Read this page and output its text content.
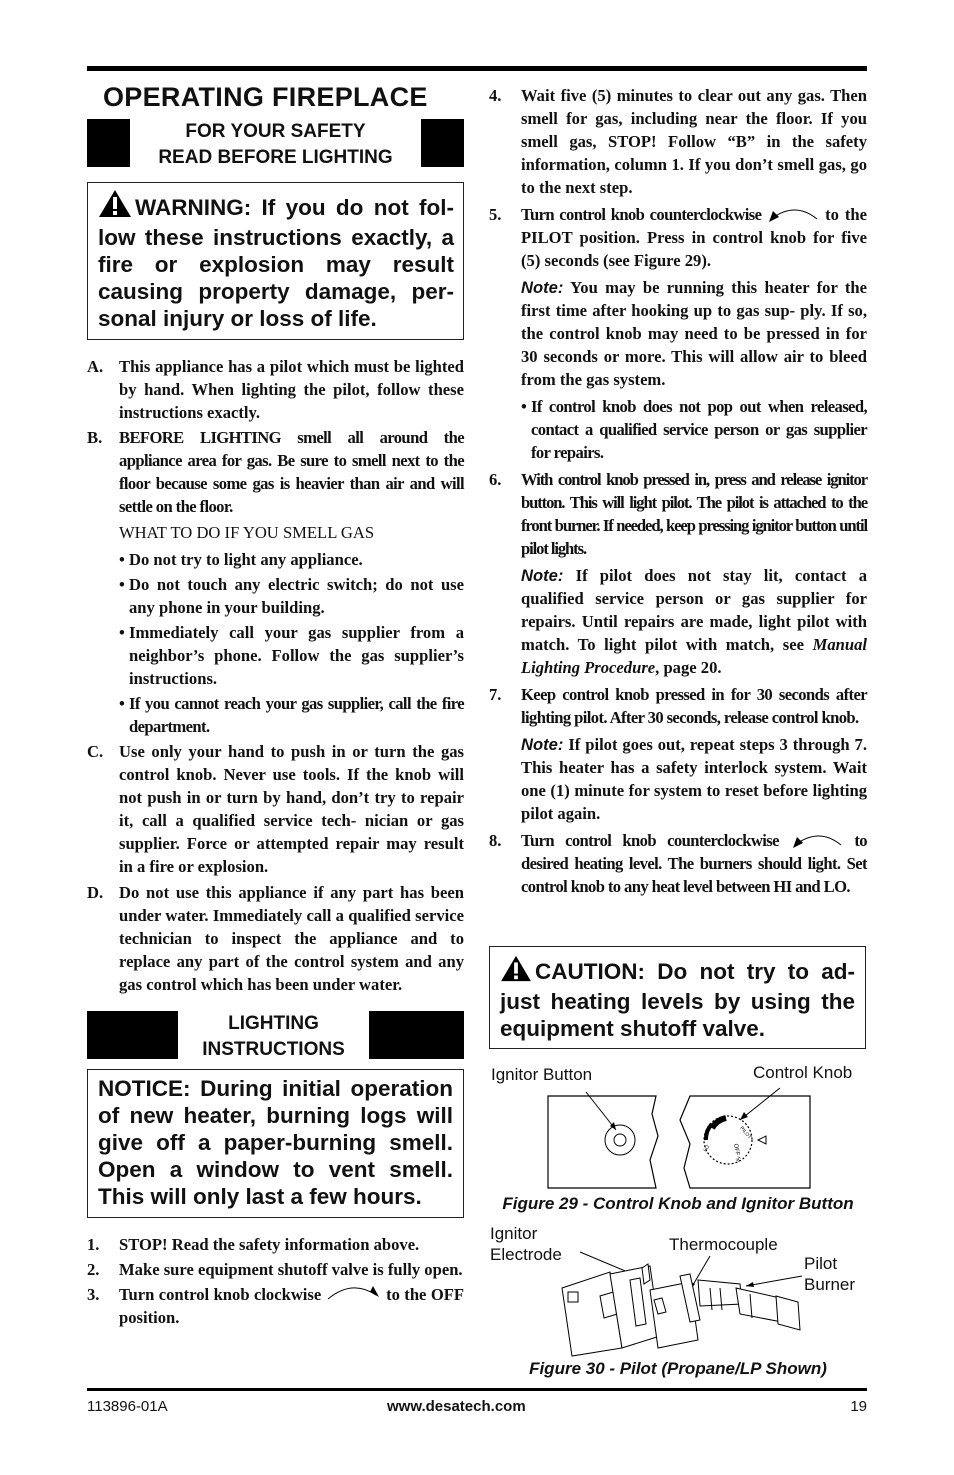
OPERATING FIREPLACE
FOR YOUR SAFETY
READ BEFORE LIGHTING
WARNING: If you do not fol- low these instructions exactly, a fire or explosion may result causing property damage, per- sonal injury or loss of life.
A. This appliance has a pilot which must be lighted by hand. When lighting the pilot, follow these instructions exactly.
B.	BEFORE LIGHTING smell all around the appliance area for gas. Be sure to smell next to the floor because some gas is heavier than air and will settle on the floor.
WHAT TO DO IF YOU SMELL GAS
• Do not try to light any appliance.
• Do not touch any electric switch; do not use any phone in your building.
• Immediately call your gas supplier from a neighbor’s phone. Follow the gas supplier’s instructions.
• If you cannot reach your gas supplier, call the fire department.
C. Use only your hand to push in or turn the gas control knob. Never use tools. If the knob will not push in or turn by hand, don’t try to repair it, call a qualified service tech- nician or gas supplier. Force or attempted repair may result in a fire or explosion.
D. Do not use this appliance if any part has been under water. Immediately call a qualified service technician to inspect the appliance and to replace any part of the control system and any gas control which has been under water.
LIGHTING
INSTRUCTIONS
NOTICE: During initial operation of new heater, burning logs will give off a paper-burning smell. Open a window to vent smell. This will only last a few hours.
1.	STOP! Read the safety information above.
2.	Make sure equipment shutoff valve is fully open.
3.	Turn control knob clockwise	to the OFF position.
4.	Wait five (5) minutes to clear out any gas. Then smell for gas, including near the floor. If you smell gas, STOP! Follow “B” in the safety information, column 1. If you don’t smell gas, go to the next step.
5.	Turn control knob counterclockwise	to the PILOT position. Press in control knob for five (5) seconds (see Figure 29).
Note: You may be running this heater for the first time after hooking up to gas sup- ply. If so, the control knob may need to be pressed in for 30 seconds or more. This will allow air to bleed from the gas system.
• If control knob does not pop out when released, contact a qualified service person or gas supplier for repairs.
6.	With control knob pressed in, press and release ignitor button. This will light pilot. The pilot is attached to the front burner. If needed, keep pressing ignitor button until pilot lights.
Note: If pilot does not stay lit, contact a qualified service person or gas supplier for repairs. Until repairs are made, light pilot with match. To light pilot with match, see Manual Lighting Procedure, page 20.
7.	Keep control knob pressed in for 30 seconds after lighting pilot. After 30 seconds, release control knob.
Note: If pilot goes out, repeat steps 3 through 7. This heater has a safety interlock system. Wait one (1) minute for system to reset before lighting pilot again.
8.	Turn control knob counterclockwise	to desired heating level. The burners should light. Set control knob to any heat level between HI and LO.
CAUTION: Do not try to ad- just heating levels by using the equipment shutoff valve.
Ignitor Button	Control Knob
OFF
PILOT
HI
LO
Figure 29 - Control Knob and Ignitor Button
Ignitor
Electrode
Thermocouple
Pilot
Burner
Figure 30 - Pilot (Propane/LP Shown)
113896-01A	www.desatech.com	19
